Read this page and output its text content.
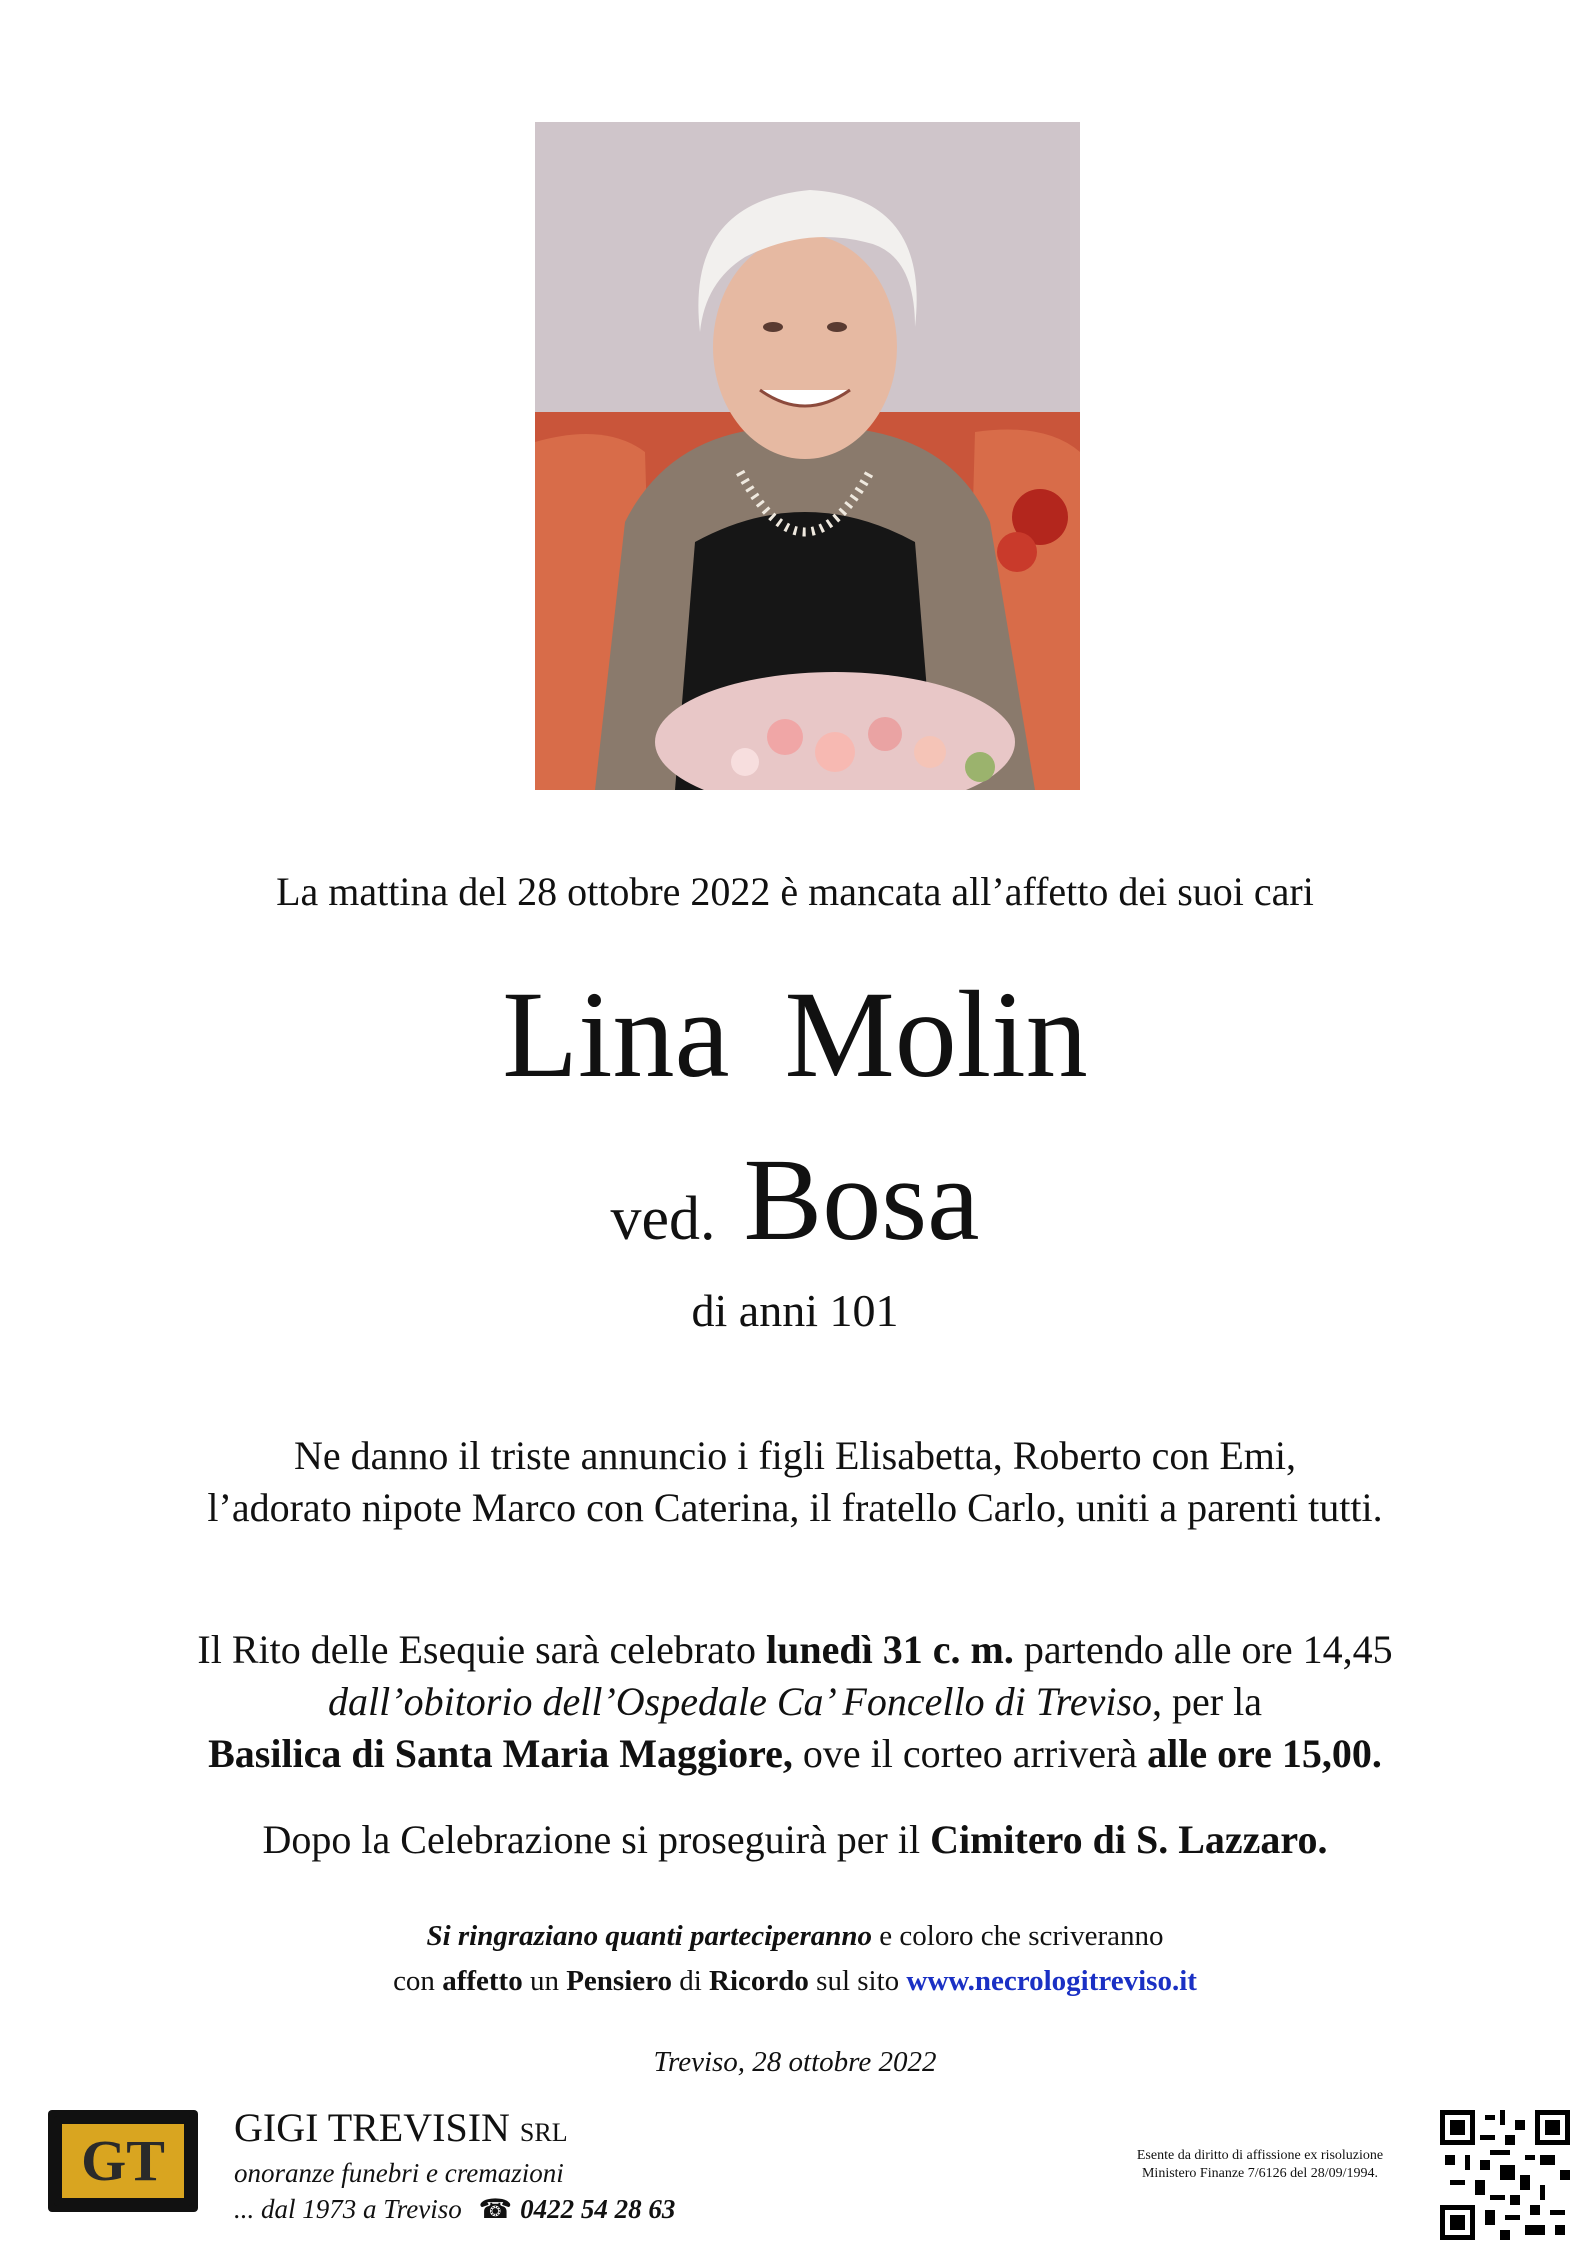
La mattina del 28 ottobre 2022 è mancata all’affetto dei suoi cari
Lina Molin
ved. Bosa
di anni 101
Ne danno il triste annuncio i figli Elisabetta, Roberto con Emi,
l’adorato nipote Marco con Caterina, il fratello Carlo, uniti a parenti tutti.
Il Rito delle Esequie sarà celebrato lunedì 31 c. m. partendo alle ore 14,45
dall’obitorio dell’Ospedale Ca’ Foncello di Treviso, per la
Basilica di Santa Maria Maggiore, ove il corteo arriverà alle ore 15,00.
Dopo la Celebrazione si proseguirà per il Cimitero di S. Lazzaro.
Si ringraziano quanti parteciperanno e coloro che scriveranno
con affetto un Pensiero di Ricordo sul sito www.necrologitreviso.it
Treviso, 28 ottobre 2022
GT
GIGI TREVISIN SRL
onoranze funebri e cremazioni
... dal 1973 a Treviso ☎ 0422 54 28 63
Esente da diritto di affissione ex risoluzione
Ministero Finanze 7/6126 del 28/09/1994.
